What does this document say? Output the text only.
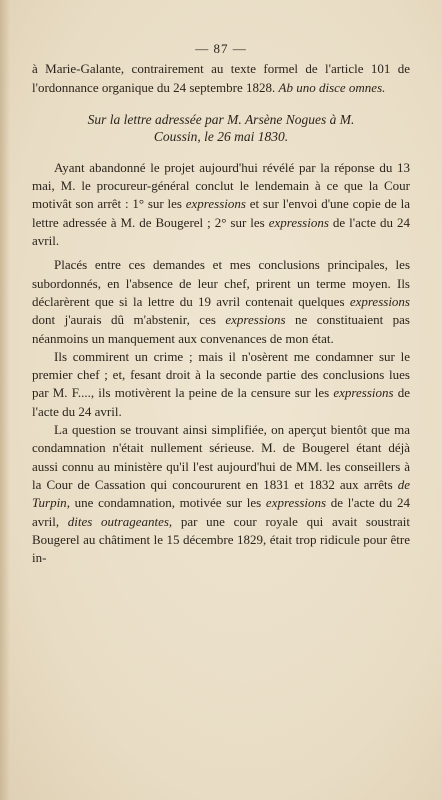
— 87 —

à Marie-Galante, contrairement au texte formel de l'article 101 de l'ordonnance organique du 24 septembre 1828. Ab uno disce omnes.

Sur la lettre adressée par M. Arsène Nogues à M.
Coussin, le 26 mai 1830.

Ayant abandonné le projet aujourd'hui révélé par la réponse du 13 mai, M. le procureur-général conclut le lendemain à ce que la Cour motivât son arrêt : 1° sur les expressions et sur l'envoi d'une copie de la lettre adressée à M. de Bougerel ; 2° sur les expressions de l'acte du 24 avril.

Placés entre ces demandes et mes conclusions principales, les subordonnés, en l'absence de leur chef, prirent un terme moyen. Ils déclarèrent que si la lettre du 19 avril contenait quelques expressions dont j'aurais dû m'abstenir, ces expressions ne constituaient pas néanmoins un manquement aux convenances de mon état.

Ils commirent un crime ; mais il n'osèrent me condamner sur le premier chef ; et, fesant droit à la seconde partie des conclusions lues par M. F...., ils motivèrent la peine de la censure sur les expressions de l'acte du 24 avril.

La question se trouvant ainsi simplifiée, on aperçut bientôt que ma condamnation n'était nullement sérieuse. M. de Bougerel étant déjà aussi connu au ministère qu'il l'est aujourd'hui de MM. les conseillers à la Cour de Cassation qui concoururent en 1831 et 1832 aux arrêts de Turpin, une condamnation, motivée sur les expressions de l'acte du 24 avril, dites outrageantes, par une cour royale qui avait soustrait Bougerel au châtiment le 15 décembre 1829, était trop ridicule pour être in-
